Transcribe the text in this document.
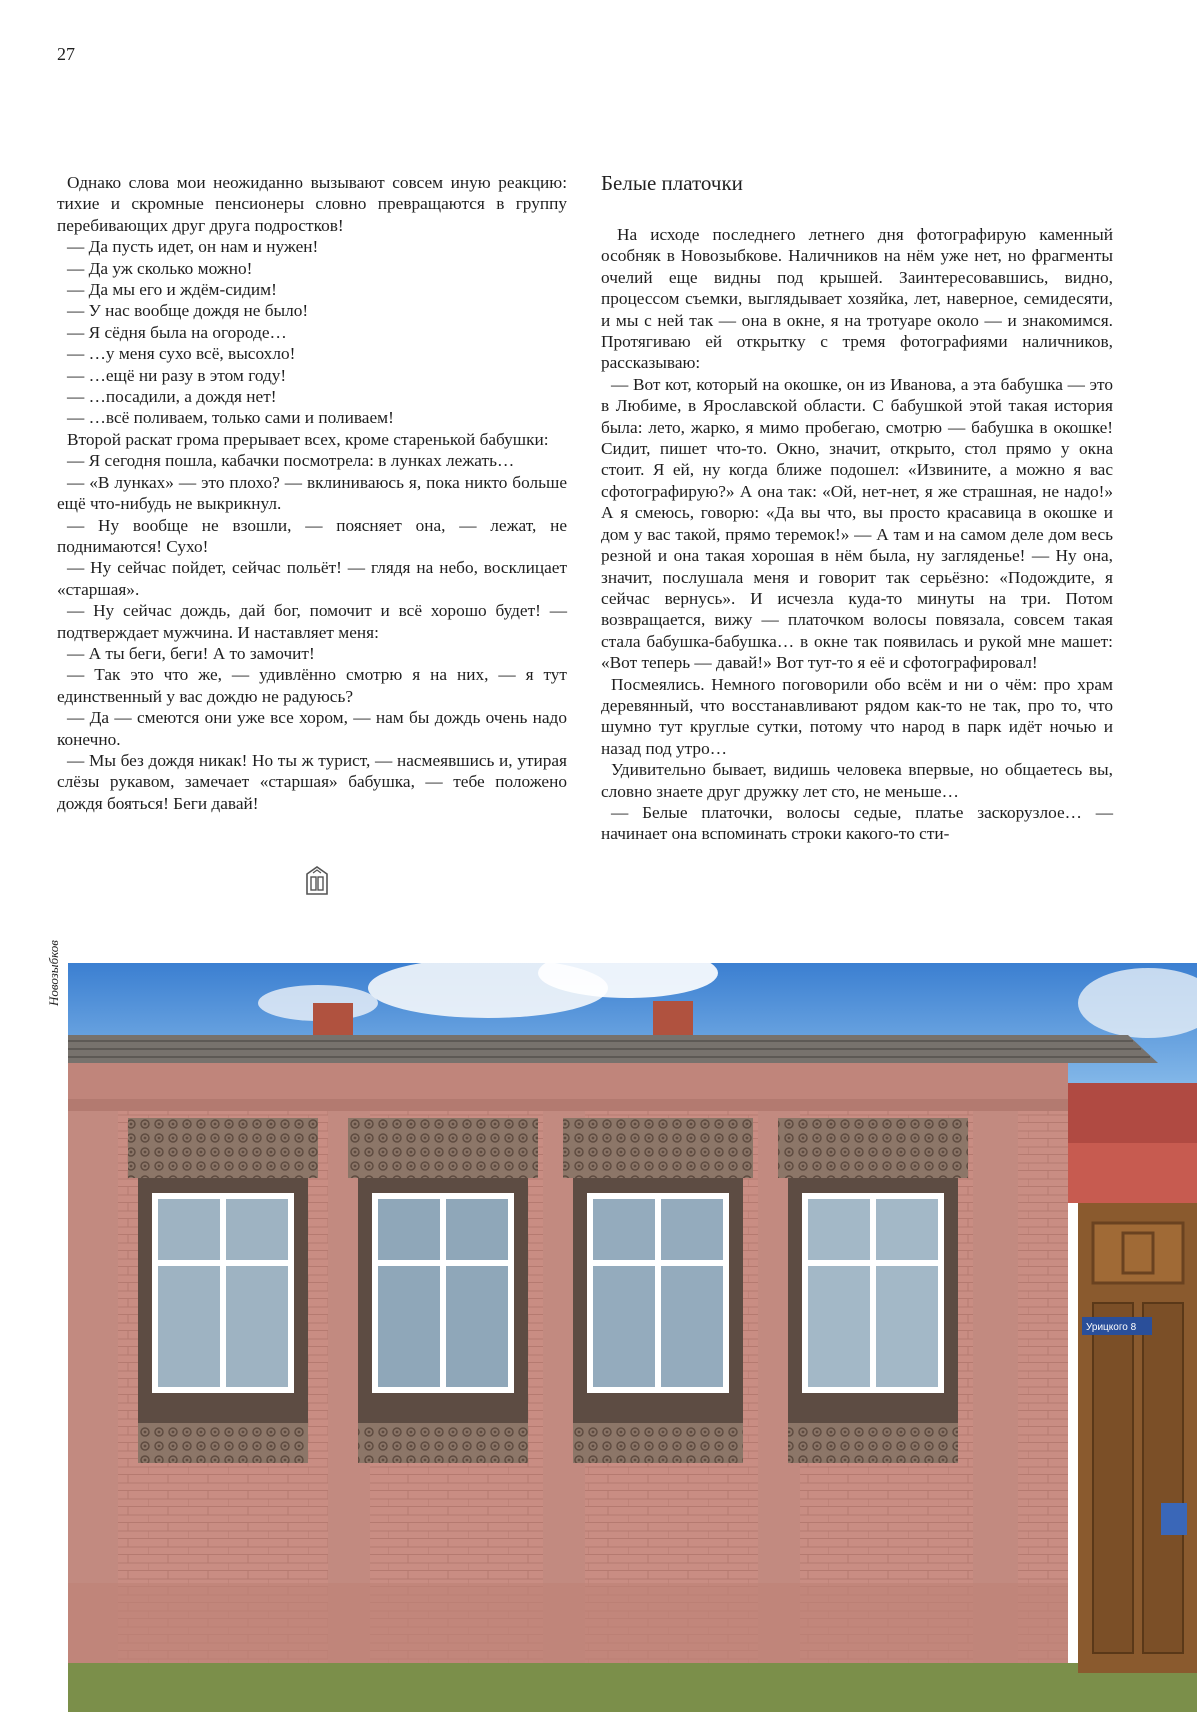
27

Однако слова мои неожиданно вызывают совсем иную реакцию: тихие и скромные пенсионеры словно превращаются в группу перебивающих друг друга подростков!

— Да пусть идет, он нам и нужен!

— Да уж сколько можно!

— Да мы его и ждём-сидим!

— У нас вообще дождя не было!

— Я сёдня была на огороде…

— …у меня сухо всё, высохло!

— …ещё ни разу в этом году!

— …посадили, а дождя нет!

— …всё поливаем, только сами и поливаем!

Второй раскат грома прерывает всех, кроме старенькой бабушки:

— Я сегодня пошла, кабачки посмотрела: в лунках лежать…

— «В лунках» — это плохо? — вклиниваюсь я, пока никто больше ещё что-нибудь не выкрикнул.

— Ну вообще не взошли, — поясняет она, — лежат, не поднимаются! Сухо!

— Ну сейчас пойдет, сейчас польёт! — глядя на небо, восклицает «старшая».

— Ну сейчас дождь, дай бог, помочит и всё хорошо будет! — подтверждает мужчина. И наставляет меня:

— А ты беги, беги! А то замочит!

— Так это что же, — удивлённо смотрю я на них, — я тут единственный у вас дождю не радуюсь?

— Да — смеются они уже все хором, — нам бы дождь очень надо конечно.

— Мы без дождя никак! Но ты ж турист, — насмеявшись и, утирая слёзы рукавом, замечает «старшая» бабушка, — тебе положено дождя бояться! Беги давай!

Белые платочки

На исходе последнего летнего дня фотографирую каменный особняк в Новозыбкове. Наличников на нём уже нет, но фрагменты очелий еще видны под крышей. Заинтересовавшись, видно, процессом съемки, выглядывает хозяйка, лет, наверное, семидесяти, и мы с ней так — она в окне, я на тротуаре около — и знакомимся. Протягиваю ей открытку с тремя фотографиями наличников, рассказываю:

— Вот кот, который на окошке, он из Иванова, а эта бабушка — это в Любиме, в Ярославской области. С бабушкой этой такая история была: лето, жарко, я мимо пробегаю, смотрю — бабушка в окошке! Сидит, пишет что-то. Окно, значит, открыто, стол прямо у окна стоит. Я ей, ну когда ближе подошел: «Извините, а можно я вас сфотографирую?» А она так: «Ой, нет-нет, я же страшная, не надо!» А я смеюсь, говорю: «Да вы что, вы просто красавица в окошке и дом у вас такой, прямо теремок!» — А там и на самом деле дом весь резной и она такая хорошая в нём была, ну загляденье! — Ну она, значит, послушала меня и говорит так серьёзно: «Подождите, я сейчас вернусь». И исчезла куда-то минуты на три. Потом возвращается, вижу — платочком волосы повязала, совсем такая стала бабушка-бабушка… в окне так появилась и рукой мне машет: «Вот теперь — давай!» Вот тут-то я её и сфотографировал!

Посмеялись. Немного поговорили обо всём и ни о чём: про храм деревянный, что восстанавливают рядом как-то не так, про то, что шумно тут круглые сутки, потому что народ в парк идёт ночью и назад под утро…

Удивительно бывает, видишь человека впервые, но общаетесь вы, словно знаете друг дружку лет сто, не меньше…

— Белые платочки, волосы седые, платье заскорузлое… — начинает она вспоминать строки какого-то сти-

Новозыбков
Урицкого 8
